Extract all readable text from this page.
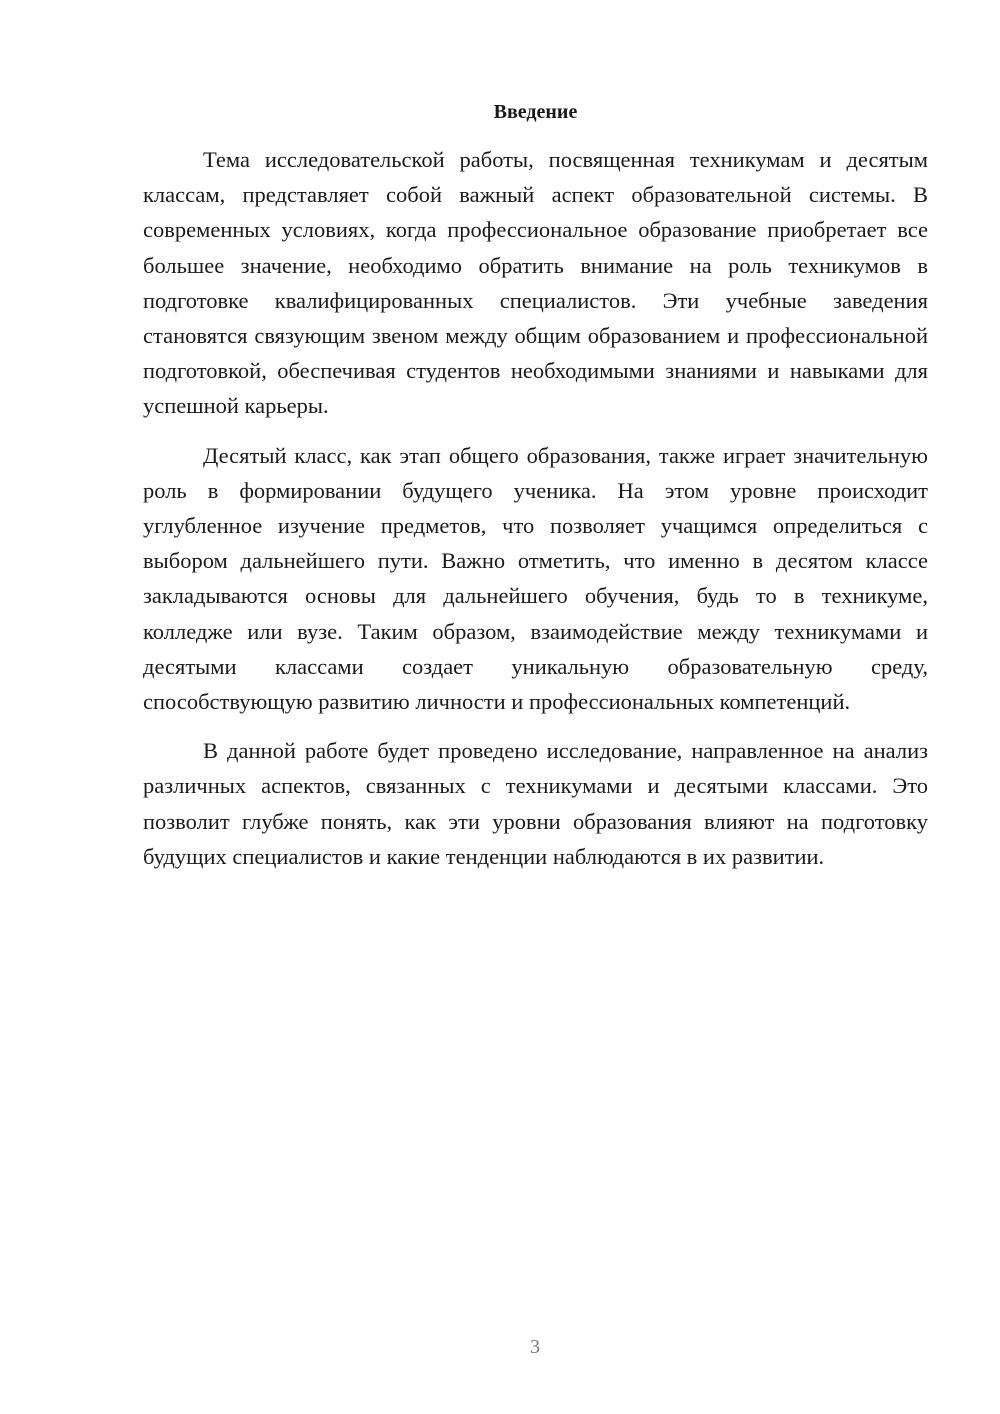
Введение

Тема исследовательской работы, посвященная техникумам и десятым классам, представляет собой важный аспект образовательной системы. В современных условиях, когда профессиональное образование приобретает все большее значение, необходимо обратить внимание на роль техникумов в подготовке квалифицированных специалистов. Эти учебные заведения становятся связующим звеном между общим образованием и профессиональной подготовкой, обеспечивая студентов необходимыми знаниями и навыками для успешной карьеры.

Десятый класс, как этап общего образования, также играет значительную роль в формировании будущего ученика. На этом уровне происходит углубленное изучение предметов, что позволяет учащимся определиться с выбором дальнейшего пути. Важно отметить, что именно в десятом классе закладываются основы для дальнейшего обучения, будь то в техникуме, колледже или вузе. Таким образом, взаимодействие между техникумами и десятыми классами создает уникальную образовательную среду, способствующую развитию личности и профессиональных компетенций.

В данной работе будет проведено исследование, направленное на анализ различных аспектов, связанных с техникумами и десятыми классами. Это позволит глубже понять, как эти уровни образования влияют на подготовку будущих специалистов и какие тенденции наблюдаются в их развитии.

3
